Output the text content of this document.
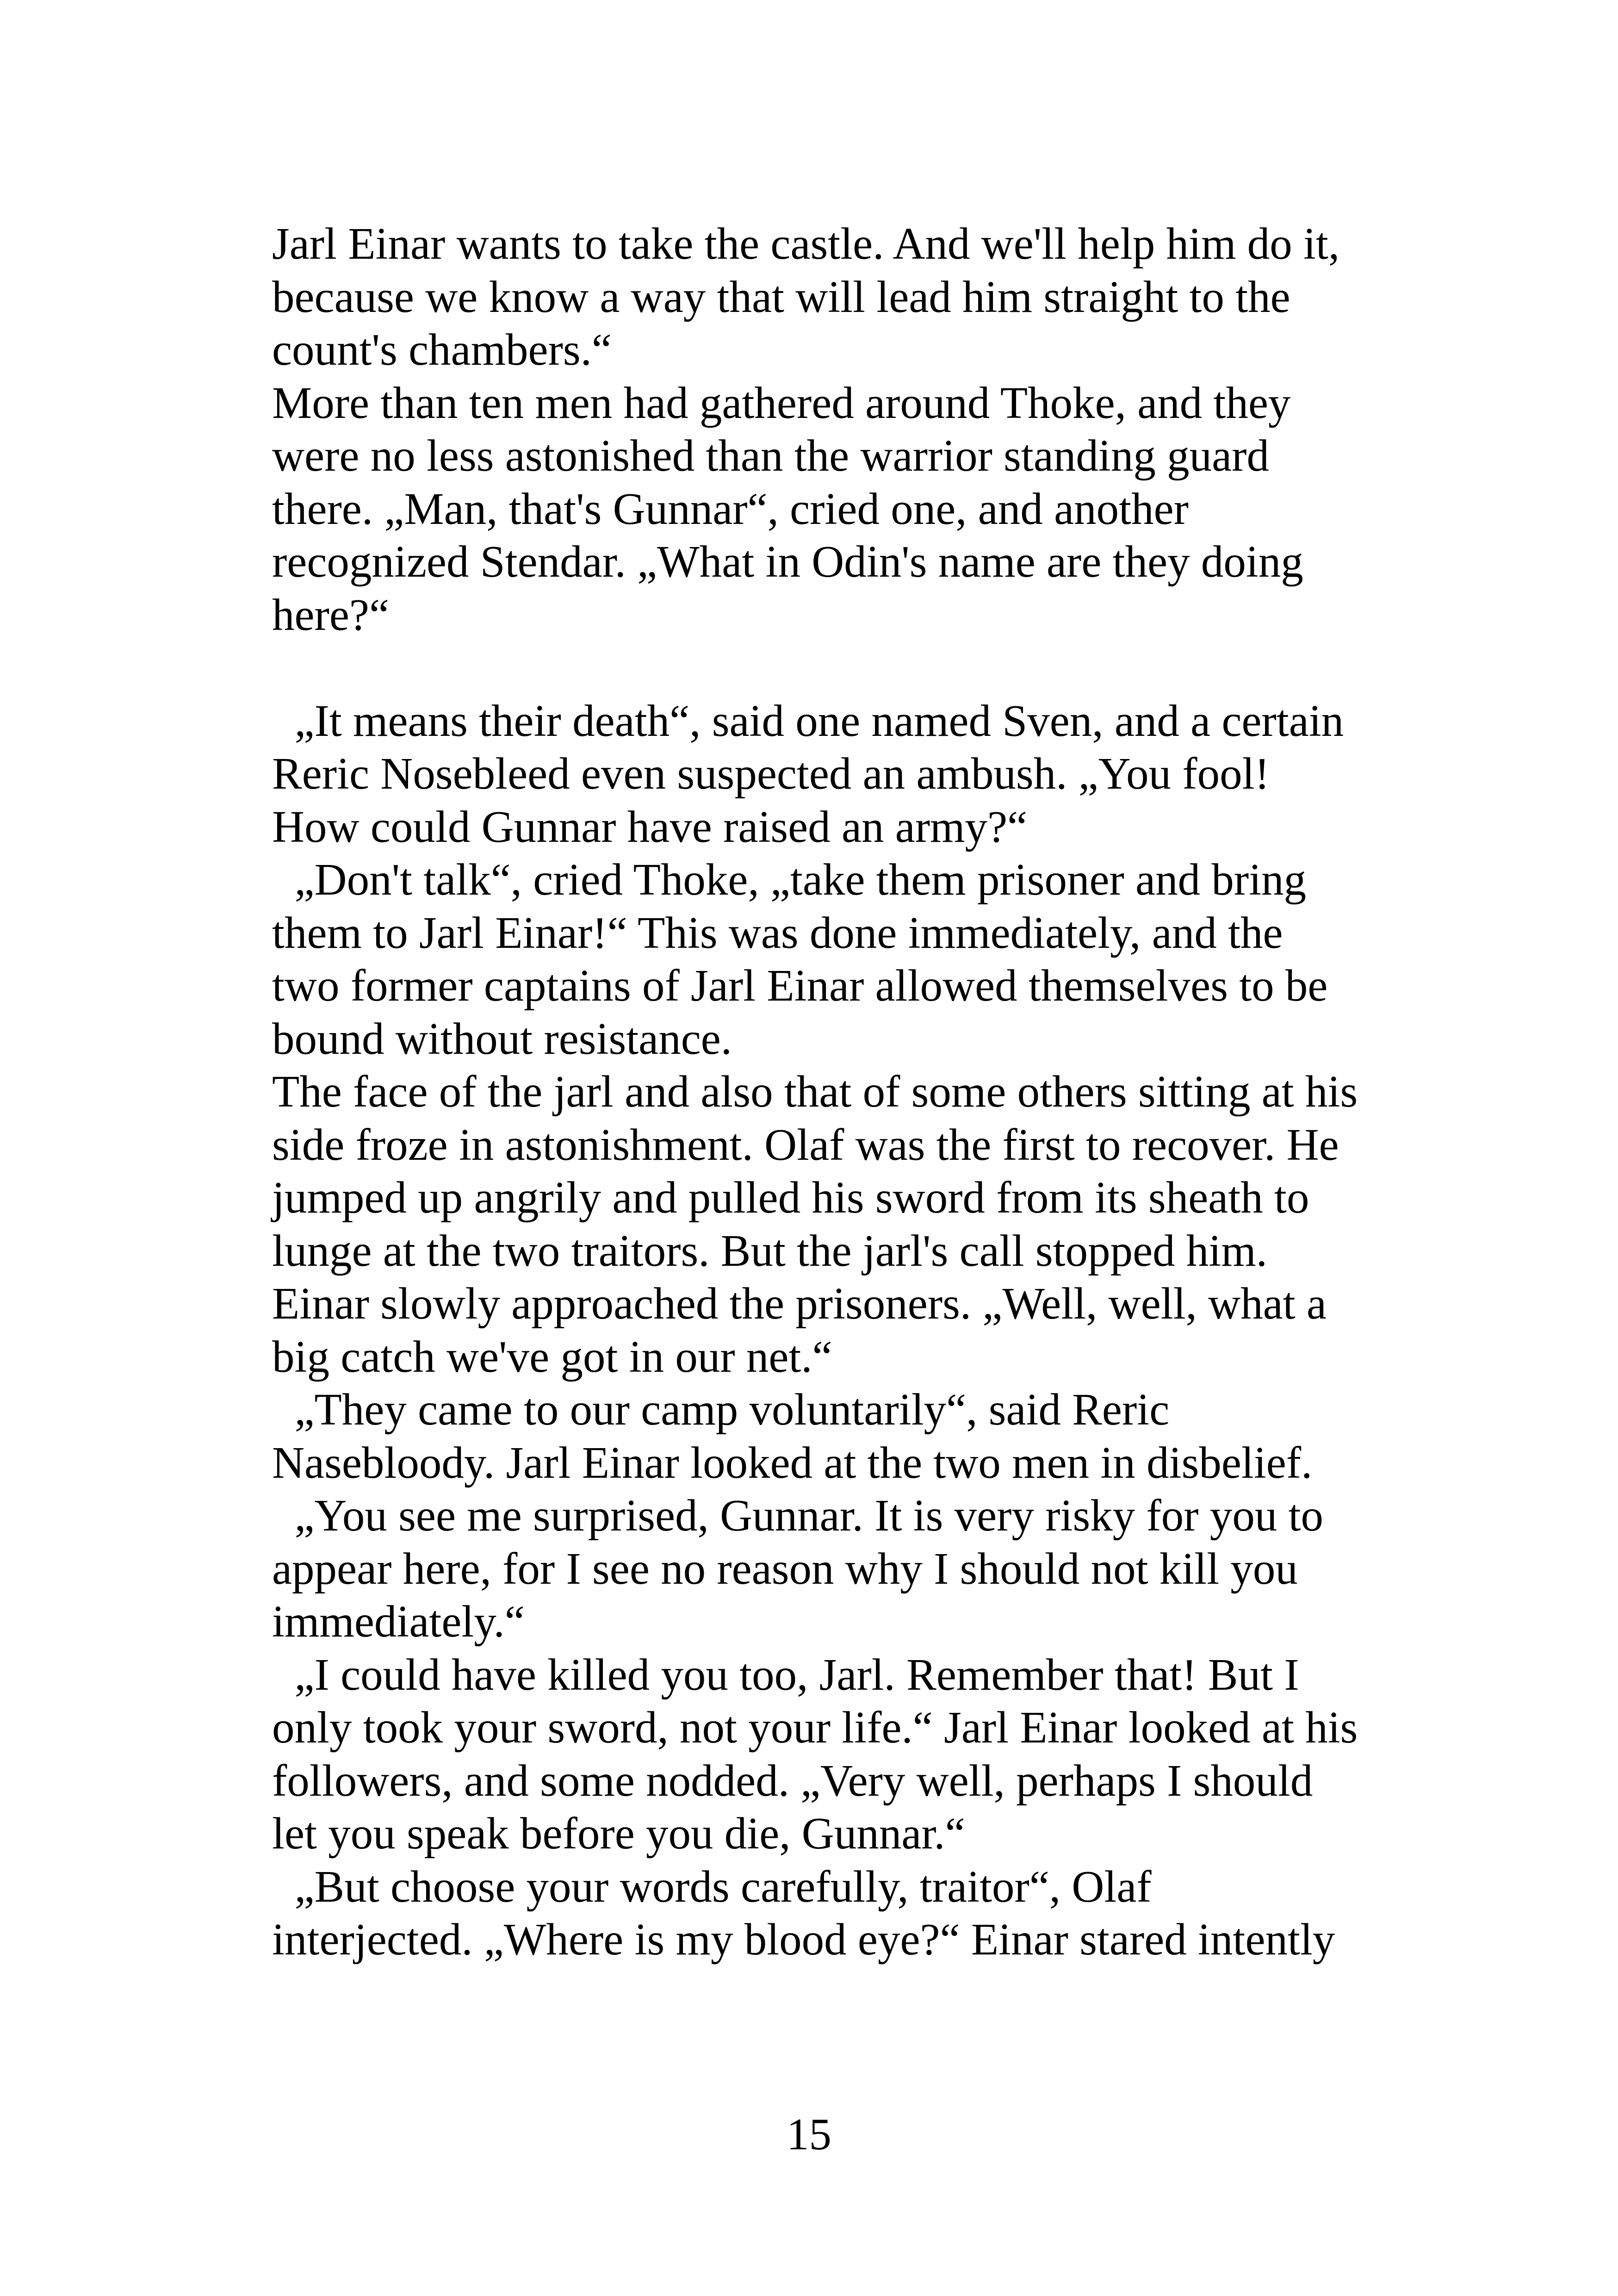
Jarl Einar wants to take the castle. And we'll help him do it,
because we know a way that will lead him straight to the
count's chambers.“
More than ten men had gathered around Thoke, and they
were no less astonished than the warrior standing guard
there. „Man, that's Gunnar“, cried one, and another
recognized Stendar. „What in Odin's name are they doing
here?“
„It means their death“, said one named Sven, and a certain
Reric Nosebleed even suspected an ambush. „You fool!
How could Gunnar have raised an army?“
„Don't talk“, cried Thoke, „take them prisoner and bring
them to Jarl Einar!“ This was done immediately, and the
two former captains of Jarl Einar allowed themselves to be
bound without resistance.
The face of the jarl and also that of some others sitting at his
side froze in astonishment. Olaf was the first to recover. He
jumped up angrily and pulled his sword from its sheath to
lunge at the two traitors. But the jarl's call stopped him.
Einar slowly approached the prisoners. „Well, well, what a
big catch we've got in our net.“
„They came to our camp voluntarily“, said Reric
Nasebloody. Jarl Einar looked at the two men in disbelief.
„You see me surprised, Gunnar. It is very risky for you to
appear here, for I see no reason why I should not kill you
immediately.“
„I could have killed you too, Jarl. Remember that! But I
only took your sword, not your life.“ Jarl Einar looked at his
followers, and some nodded. „Very well, perhaps I should
let you speak before you die, Gunnar.“
„But choose your words carefully, traitor“, Olaf
interjected. „Where is my blood eye?“ Einar stared intently
15
